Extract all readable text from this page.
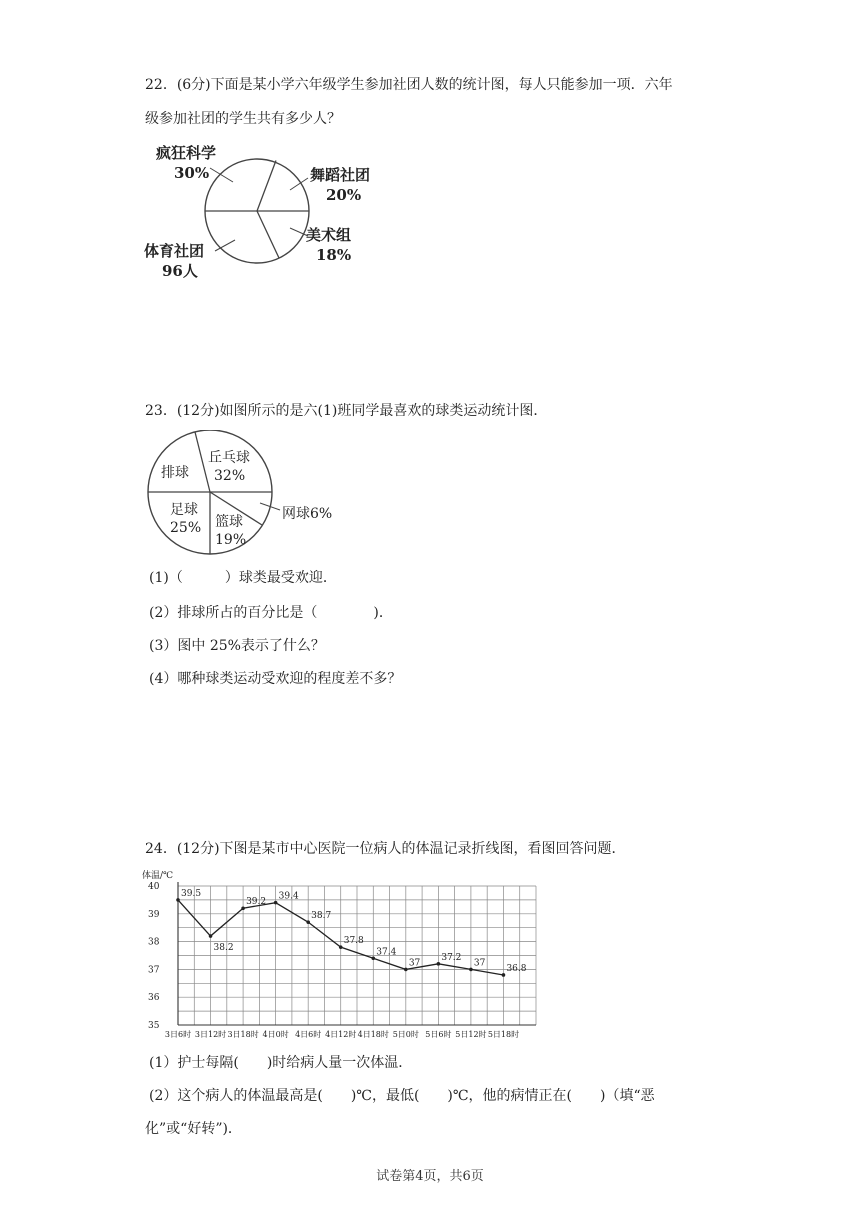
22．(6分)下面是某小学六年级学生参加社团人数的统计图，每人只能参加一项．六年
级参加社团的学生共有多少人？
疯狂科学
30%	舞蹈社团
20%
美术组
18%
体育社团
96人
23．(12分)如图所示的是六(1)班同学最喜欢的球类运动统计图．
排球
丘乓球
32%
足球
25% 篮球
19%
网球6%
(1)（　　　）球类最受欢迎．
(2）排球所占的百分比是（　　　　)．
(3）图中 25%表示了什么？
(4）哪种球类运动受欢迎的程度差不多？
24．(12分)下图是某市中心医院一位病人的体温记录折线图，看图回答问题．
体温/℃
35
36
37
38
39
40
3日6时 3日12时 3日18时 4日0时 4日6时 4日12时 4日18时 5日0时 5日6时 5日12时 5日18时
39.5
38.2
39.2
39.4
38.7
37.8
37.4
37
37.2
37
36.8
(1）护士每隔(　　)时给病人量一次体温．
(2）这个病人的体温最高是(　　)℃，最低(　　)℃，他的病情正在(　　)（填“恶
化”或“好转”)．
试卷第4页，共6页
